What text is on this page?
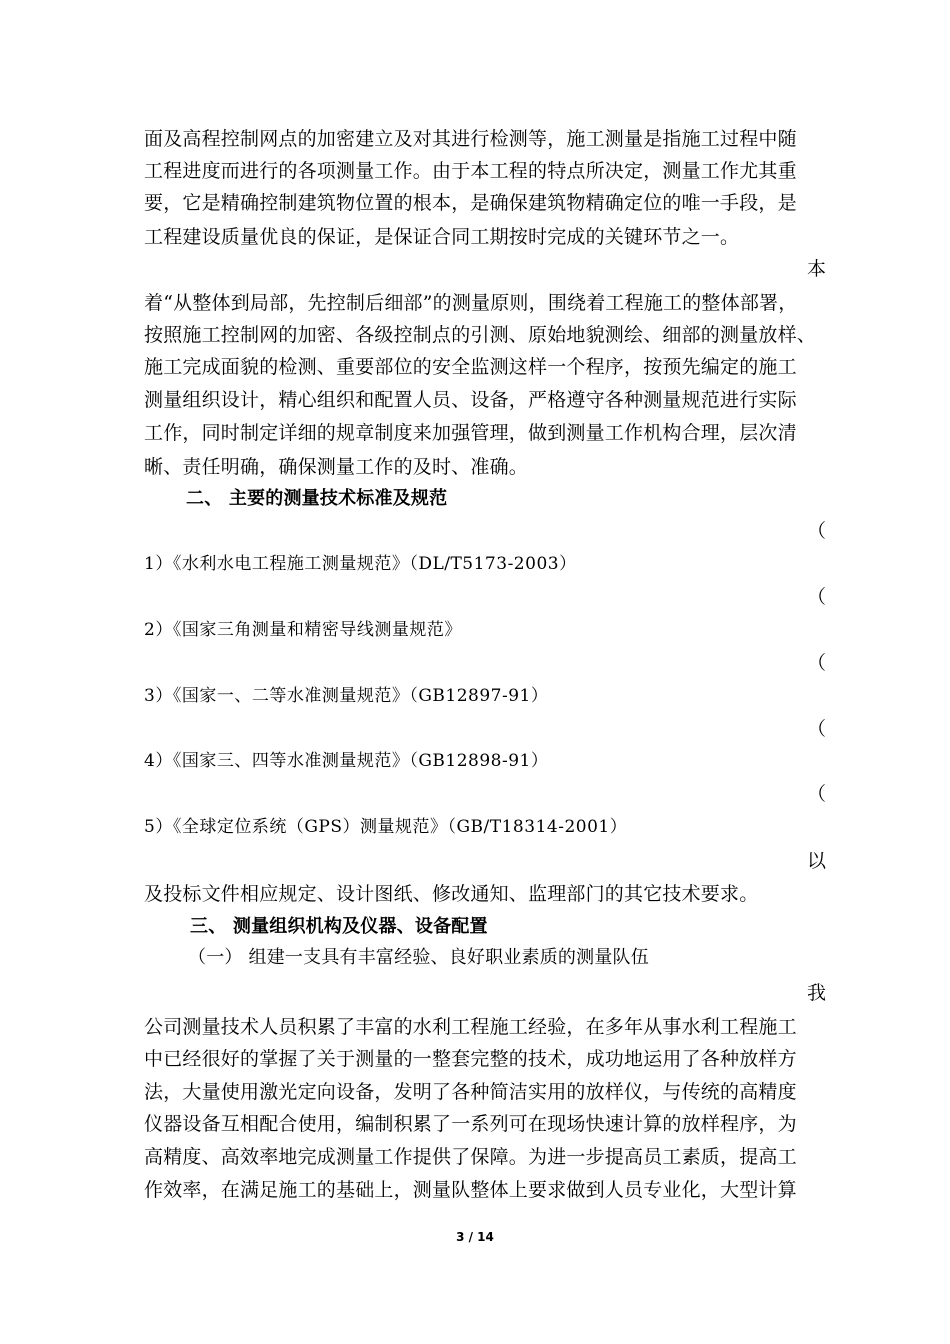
面及高程控制网点的加密建立及对其进行检测等，施工测量是指施工过程中随
工程进度而进行的各项测量工作。由于本工程的特点所决定，测量工作尤其重
要，它是精确控制建筑物位置的根本，是确保建筑物精确定位的唯一手段，是
工程建设质量优良的保证，是保证合同工期按时完成的关键环节之一。
本
着“从整体到局部，先控制后细部”的测量原则，围绕着工程施工的整体部署，
按照施工控制网的加密、各级控制点的引测、原始地貌测绘、细部的测量放样、
施工完成面貌的检测、重要部位的安全监测这样一个程序，按预先编定的施工
测量组织设计，精心组织和配置人员、设备，严格遵守各种测量规范进行实际
工作，同时制定详细的规章制度来加强管理，做到测量工作机构合理，层次清
晰、责任明确，确保测量工作的及时、准确。
二、 主要的测量技术标准及规范
（
1）《水利水电工程施工测量规范》（DL/T5173-2003）
（
2）《国家三角测量和精密导线测量规范》
（
3）《国家一、二等水准测量规范》（GB12897-91）
（
4）《国家三、四等水准测量规范》（GB12898-91）
（
5）《全球定位系统（GPS）测量规范》（GB/T18314-2001）
以
及投标文件相应规定、设计图纸、修改通知、监理部门的其它技术要求。
三、 测量组织机构及仪器、设备配置
（一） 组建一支具有丰富经验、良好职业素质的测量队伍
我
公司测量技术人员积累了丰富的水利工程施工经验，在多年从事水利工程施工
中已经很好的掌握了关于测量的一整套完整的技术，成功地运用了各种放样方
法，大量使用激光定向设备，发明了各种简洁实用的放样仪，与传统的高精度
仪器设备互相配合使用，编制积累了一系列可在现场快速计算的放样程序，为
高精度、高效率地完成测量工作提供了保障。为进一步提高员工素质，提高工
作效率，在满足施工的基础上，测量队整体上要求做到人员专业化，大型计算
3 / 14
